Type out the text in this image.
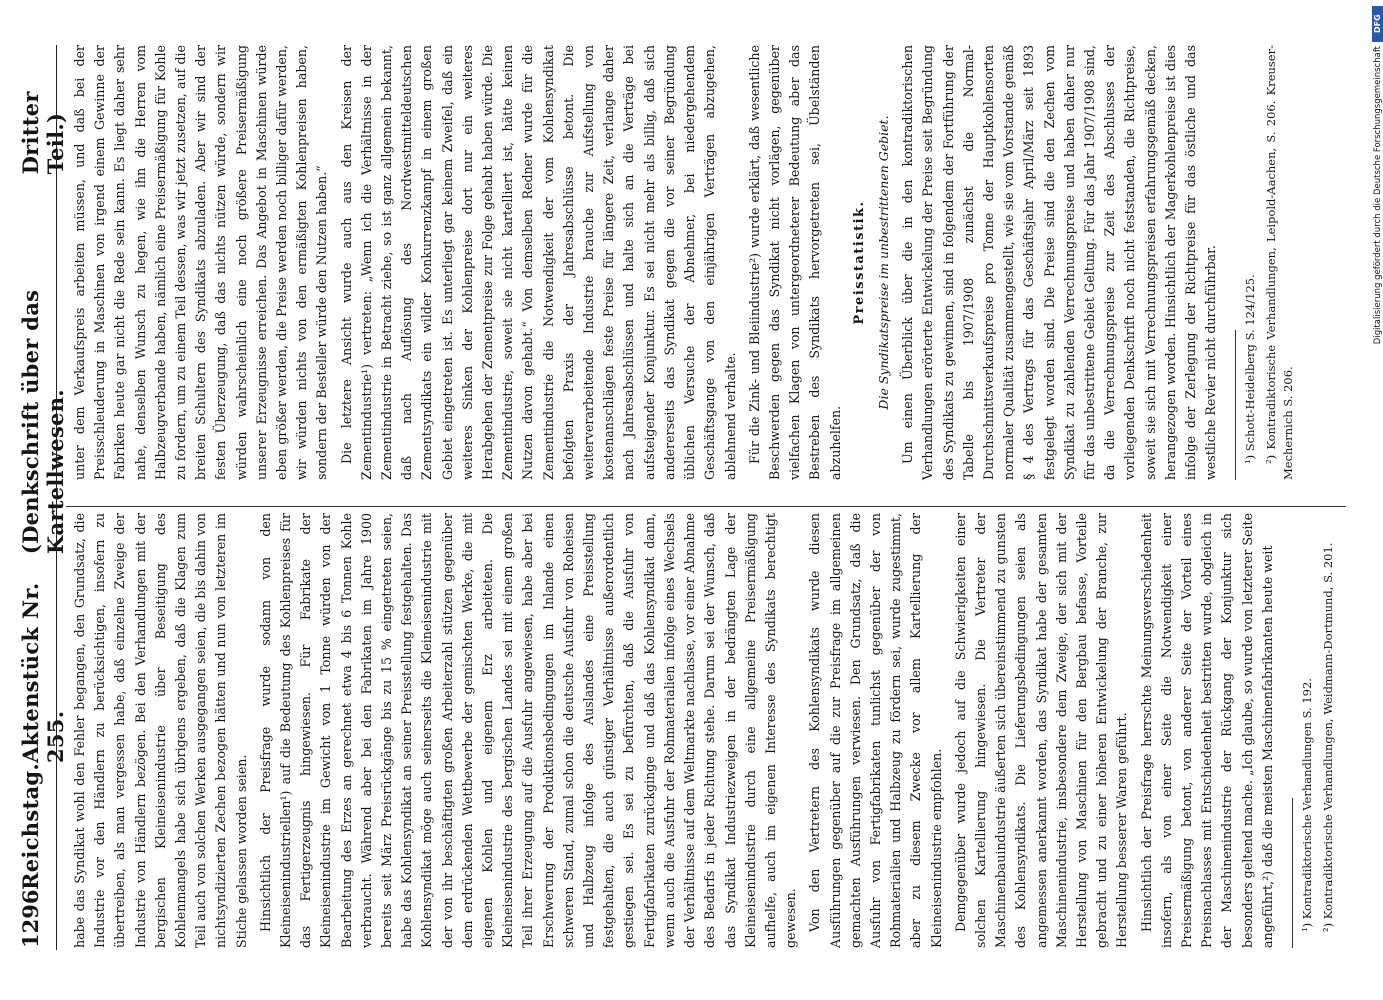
1296
Reichstag.
Aktenstück Nr. 255.
(Denkschrift über das Kartellwesen.
Dritter Teil.)

habe das Syndikat wohl den Fehler begangen, den Grundsatz, die Industrie vor den Händlern zu berücksichtigen, insofern zu übertreiben, als man vergessen habe, daß einzelne Zweige der Industrie von Händlern bezögen. Bei den Verhandlungen mit der bergischen Kleineisenindustrie über Beseitigung des Kohlenmangels habe sich übrigens ergeben, daß die Klagen zum Teil auch von solchen Werken ausgegangen seien, die bis dahin von nichtsyndizierten Zechen bezogen hätten und nun von letzteren im Stiche gelassen worden seien. Hinsichtlich der Preisfrage wurde sodann von den Kleineisenindustriellen¹) auf die Bedeutung des Kohlenpreises für das Fertigerzeugnis hingewiesen. Für Fabrikate der Kleineisenindustrie im Gewicht von 1 Tonne würden von der Bearbeitung des Erzes an gerechnet etwa 4 bis 6 Tonnen Kohle verbraucht. Während aber bei den Fabrikaten im Jahre 1900 bereits seit März Preisrückgänge bis zu 15 % eingetreten seien, habe das Kohlensyndikat an seiner Preisstellung festgehalten. Das Kohlensyndikat möge auch seinerseits die Kleineisenindustrie mit der von ihr beschäftigten großen Arbeiterzahl stützen gegenüber dem erdrückenden Wettbewerbe der gemischten Werke, die mit eigenen Kohlen und eigenem Erz arbeiteten. Die Kleineisenindustrie des bergischen Landes sei mit einem großen Teil ihrer Erzeugung auf die Ausfuhr angewiesen, habe aber bei Erschwerung der Produktionsbedingungen im Inlande einen schweren Stand, zumal schon die deutsche Ausfuhr von Roheisen und Halbzeug infolge des Auslandes eine Preisstellung festgehalten, die auch günstiger Verhältnisse außerordentlich gestiegen sei. Es sei zu befürchten, daß die Ausfuhr von Fertigfabrikaten zurückginge und daß das Kohlensyndikat dann, wenn auch die Ausfuhr der Rohmaterialien infolge eines Wechsels der Verhältnisse auf dem Weltmarkte nachlasse, vor einer Abnahme des Bedarfs in jeder Richtung stehe. Darum sei der Wunsch, daß das Syndikat Industriezweigen in der bedrängten Lage der Kleineisenindustrie durch eine allgemeine Preisermäßigung aufhelfe, auch im eigenen Interesse des Syndikats berechtigt gewesen. Von den Vertretern des Kohlensyndikats wurde diesen Ausführungen gegenüber auf die zur Preisfrage im allgemeinen gemachten Ausführungen verwiesen. Den Grundsatz, daß die Ausfuhr von Fertigfabrikaten tunlichst gegenüber der von Rohmaterialien und Halbzeug zu fördern sei, wurde zugestimmt, aber zu diesem Zwecke vor allem Kartellierung der Kleineisenindustrie empfohlen. Demgegenüber wurde jedoch auf die Schwierigkeiten einer solchen Kartellierung hingewiesen. Die Vertreter der Maschinenbauindustrie äußerten sich übereinstimmend zu gunsten des Kohlensyndikats. Die Lieferungsbedingungen seien als angemessen anerkannt worden, das Syndikat habe der gesamten Maschinenindustrie, insbesondere dem Zweige, der sich mit der Herstellung von Maschinen für den Bergbau befasse, Vorteile gebracht und zu einer höheren Entwickelung der Branche, zur Herstellung besserer Waren geführt. Hinsichtlich der Preisfrage herrschte Meinungsverschiedenheit insofern, als von einer Seite die Notwendigkeit einer Preisermäßigung betont, von anderer Seite der Vorteil eines Preisnachlasses mit Entschiedenheit bestritten wurde, obgleich in der Maschinenindustrie der Rückgang der Konjunktur sich besonders geltend mache. „Ich glaube, so wurde von letzterer Seite angeführt,²) daß die meisten Maschinenfabrikanten heute weit ¹) Kontradiktorische Verhandlungen S. 192. ²) Kontradiktorische Verhandlungen, Weidmann-Dortmund, S. 201.

unter dem Verkaufspreis arbeiten müssen, und daß bei der Preisschleuderung in Maschinen von irgend einem Gewinne der Fabriken heute gar nicht die Rede sein kann. Es liegt daher sehr nahe, denselben Wunsch zu hegen, wie ihn die Herren vom Halbzeugverbande haben, nämlich eine Preisermäßigung für Kohle zu fordern, um zu einem Teil dessen, was wir jetzt zusetzen, auf die breiten Schultern des Syndikats abzuladen. Aber wir sind der festen Überzeugung, daß das nichts nützen würde, sondern wir würden wahrscheinlich eine noch größere Preisermäßigung unserer Erzeugnisse erreichen. Das Angebot in Maschinen würde eben größer werden, die Preise werden noch billiger dafür werden, wir würden nichts von den ermäßigten Kohlenpreisen haben, sondern der Besteller würde den Nutzen haben.“ Die letztere Ansicht wurde auch aus den Kreisen der Zementindustrie¹) vertreten: „Wenn ich die Verhältnisse in der Zementindustrie in Betracht ziehe, so ist ganz allgemein bekannt, daß nach Auflösung des Nordwestmitteldeutschen Zementsyndikats ein wilder Konkurrenzkampf in einem großen Gebiet eingetreten ist. Es unterliegt gar keinem Zweifel, daß ein weiteres Sinken der Kohlenpreise dort nur ein weiteres Herabgehen der Zementpreise zur Folge gehabt haben würde. Die Zementindustrie, soweit sie nicht kartelliert ist, hätte keinen Nutzen davon gehabt.“ Von demselben Redner wurde für die Zementindustrie die Notwendigkeit der vom Kohlensyndikat befolgten Praxis der Jahresabschlüsse betont. Die weiterverarbeitende Industrie brauche zur Aufstellung von kostenanschlägen feste Preise für längere Zeit, verlange daher nach Jahresabschlüssen und halte sich an die Verträge bei aufsteigender Konjunktur. Es sei nicht mehr als billig, daß sich andererseits das Syndikat gegen die vor seiner Begründung üblichen Versuche der Abnehmer, bei niedergehendem Geschäftsgange von den einjährigen Verträgen abzugehen, ablehnend verhalte. Für die Zink- und Bleiindustrie²) wurde erklärt, daß wesentliche Beschwerden gegen das Syndikat nicht vorlägen, gegenüber vielfachen Klagen von untergeordneterer Bedeutung aber das Bestreben des Syndikats hervorgetreten sei, Übelständen abzuhelfen.

Preisstatistik. Die Syndikatspreise im unbestrittenen Gebiet. Um einen Überblick über die in den kontradiktorischen Verhandlungen erörterte Entwickelung der Preise seit Begründung des Syndikats zu gewinnen, sind in folgendem der Fortführung der Tabelle bis 1907/1908 zunächst die Normal-Durchschnittsverkaufspreise pro Tonne der Hauptkohlensorten normaler Qualität zusammengestellt, wie sie vom Vorstande gemäß § 4 des Vertrags für das Geschäftsjahr April/März seit 1893 festgelegt worden sind. Die Preise sind die den Zechen vom Syndikat zu zahlenden Verrechnungspreise und haben daher nur für das unbestrittene Gebiet Geltung. Für das Jahr 1907/1908 sind, da die Verrechnungspreise zur Zeit des Abschlusses der vorliegenden Denkschrift noch nicht feststanden, die Richtpreise, soweit sie sich mit Verrechnungspreisen erfahrungsgemäß decken, herangezogen worden. Hinsichtlich der Magerkohlenpreise ist dies infolge der Zerlegung der Richtpreise für das östliche und das westliche Revier nicht durchführbar. ¹) Schott-Heidelberg S. 124/125. ²) Kontradiktorische Verhandlungen, Leipold-Aachen, S. 206. Kreuser-Mechernich S. 206.

DFG
Digitalisierung gefördert durch die Deutsche Forschungsgemeinschaft
